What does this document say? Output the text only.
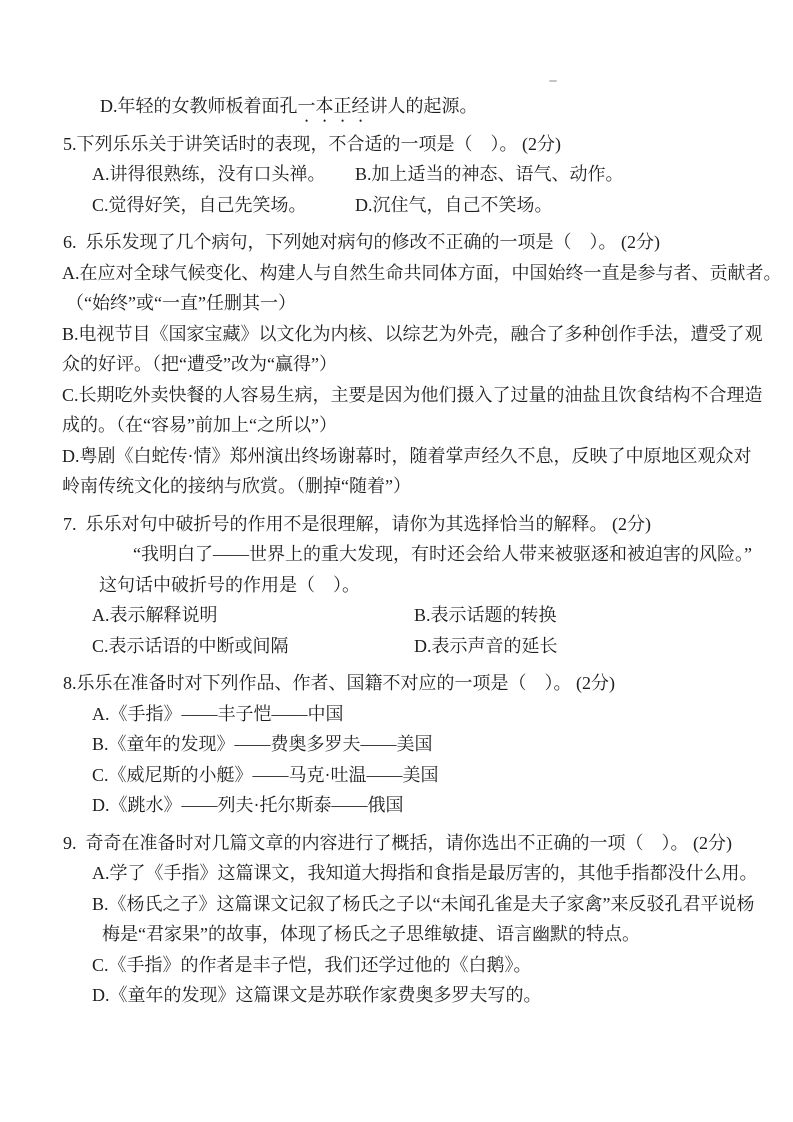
D.年轻的女教师板着面孔一本正经讲人的起源。
5.下列乐乐关于讲笑话时的表现，不合适的一项是（　）。 (2分)
A.讲得很熟练，没有口头禅。 B.加上适当的神态、语气、动作。
C.觉得好笑，自己先笑场。	D.沉住气，自己不笑场。
6.  乐乐发现了几个病句，下列她对病句的修改不正确的一项是（　）。 (2分)
A.在应对全球气候变化、构建人与自然生命共同体方面，中国始终一直是参与者、贡献者。
（“始终”或“一直”任删其一）
B.电视节目《国家宝藏》以文化为内核、以综艺为外壳，融合了多种创作手法，遭受了观
众的好评。（把“遭受”改为“赢得”）
C.长期吃外卖快餐的人容易生病，主要是因为他们摄入了过量的油盐且饮食结构不合理造
成的。（在“容易”前加上“之所以”）
D.粤剧《白蛇传·情》郑州演出终场谢幕时，随着掌声经久不息，反映了中原地区观众对
岭南传统文化的接纳与欣赏。（删掉“随着”）
7.  乐乐对句中破折号的作用不是很理解，请你为其选择恰当的解释。 (2分)
“我明白了——世界上的重大发现，有时还会给人带来被驱逐和被迫害的风险。”
这句话中破折号的作用是（　）。
A.表示解释说明	B.表示话题的转换
C.表示话语的中断或间隔	D.表示声音的延长
8.乐乐在准备时对下列作品、作者、国籍不对应的一项是（　）。 (2分)
A.《手指》——丰子恺——中国
B.《童年的发现》——费奥多罗夫——美国
C.《威尼斯的小艇》——马克·吐温——美国
D.《跳水》——列夫·托尔斯泰——俄国
9.  奇奇在准备时对几篇文章的内容进行了概括，请你选出不正确的一项（　）。 (2分)
A.学了《手指》这篇课文，我知道大拇指和食指是最厉害的，其他手指都没什么用。
B.《杨氏之子》这篇课文记叙了杨氏之子以“未闻孔雀是夫子家禽”来反驳孔君平说杨
梅是“君家果”的故事，体现了杨氏之子思维敏捷、语言幽默的特点。
C.《手指》的作者是丰子恺，我们还学过他的《白鹅》。
D.《童年的发现》这篇课文是苏联作家费奥多罗夫写的。
